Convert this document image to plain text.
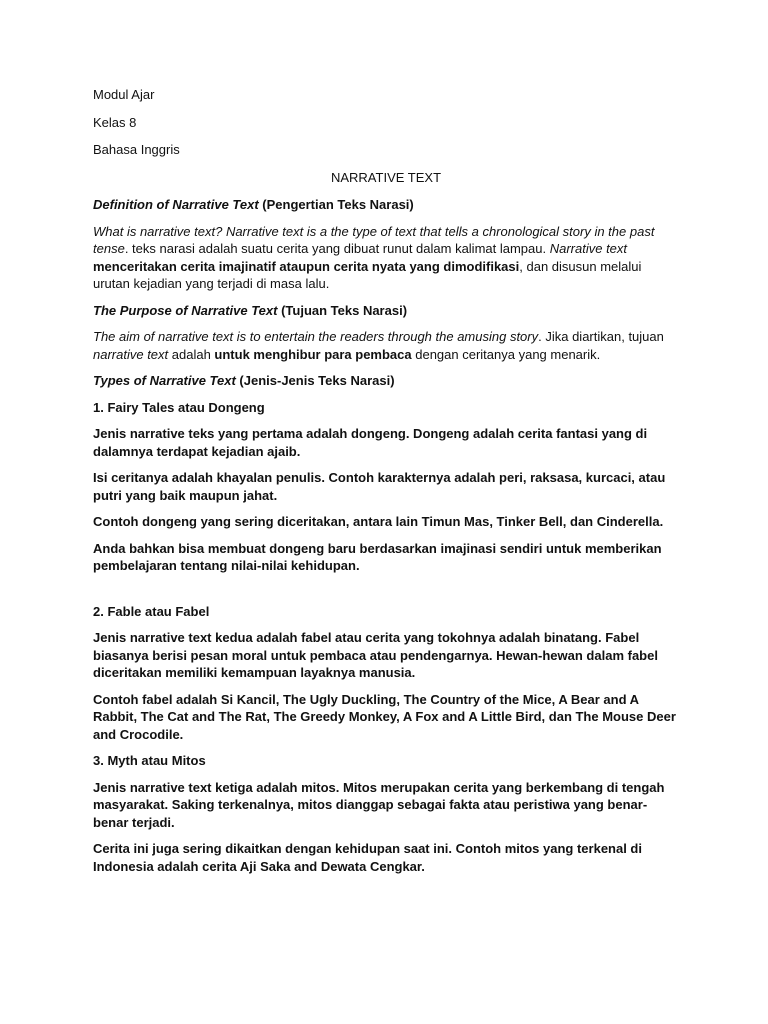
Modul Ajar

Kelas 8

Bahasa Inggris

NARRATIVE TEXT

Definition of Narrative Text (Pengertian Teks Narasi)

What is narrative text? Narrative text is a the type of text that tells a chronological story in the past tense. teks narasi adalah suatu cerita yang dibuat runut dalam kalimat lampau. Narrative text menceritakan cerita imajinatif ataupun cerita nyata yang dimodifikasi, dan disusun melalui urutan kejadian yang terjadi di masa lalu.

The Purpose of Narrative Text (Tujuan Teks Narasi)

The aim of narrative text is to entertain the readers through the amusing story. Jika diartikan, tujuan narrative text adalah untuk menghibur para pembaca dengan ceritanya yang menarik.

Types of Narrative Text (Jenis-Jenis Teks Narasi)

1. Fairy Tales atau Dongeng

Jenis narrative teks yang pertama adalah dongeng. Dongeng adalah cerita fantasi yang di dalamnya terdapat kejadian ajaib.

Isi ceritanya adalah khayalan penulis. Contoh karakternya adalah peri, raksasa, kurcaci, atau putri yang baik maupun jahat.

Contoh dongeng yang sering diceritakan, antara lain Timun Mas, Tinker Bell, dan Cinderella.

Anda bahkan bisa membuat dongeng baru berdasarkan imajinasi sendiri untuk memberikan pembelajaran tentang nilai-nilai kehidupan.

2. Fable atau Fabel

Jenis narrative text kedua adalah fabel atau cerita yang tokohnya adalah binatang. Fabel biasanya berisi pesan moral untuk pembaca atau pendengarnya. Hewan-hewan dalam fabel diceritakan memiliki kemampuan layaknya manusia.

Contoh fabel adalah Si Kancil, The Ugly Duckling, The Country of the Mice, A Bear and A Rabbit, The Cat and The Rat, The Greedy Monkey, A Fox and A Little Bird, dan The Mouse Deer and Crocodile.

3. Myth atau Mitos

Jenis narrative text ketiga adalah mitos. Mitos merupakan cerita yang berkembang di tengah masyarakat. Saking terkenalnya, mitos dianggap sebagai fakta atau peristiwa yang benar-benar terjadi.

Cerita ini juga sering dikaitkan dengan kehidupan saat ini. Contoh mitos yang terkenal di Indonesia adalah cerita Aji Saka and Dewata Cengkar.
